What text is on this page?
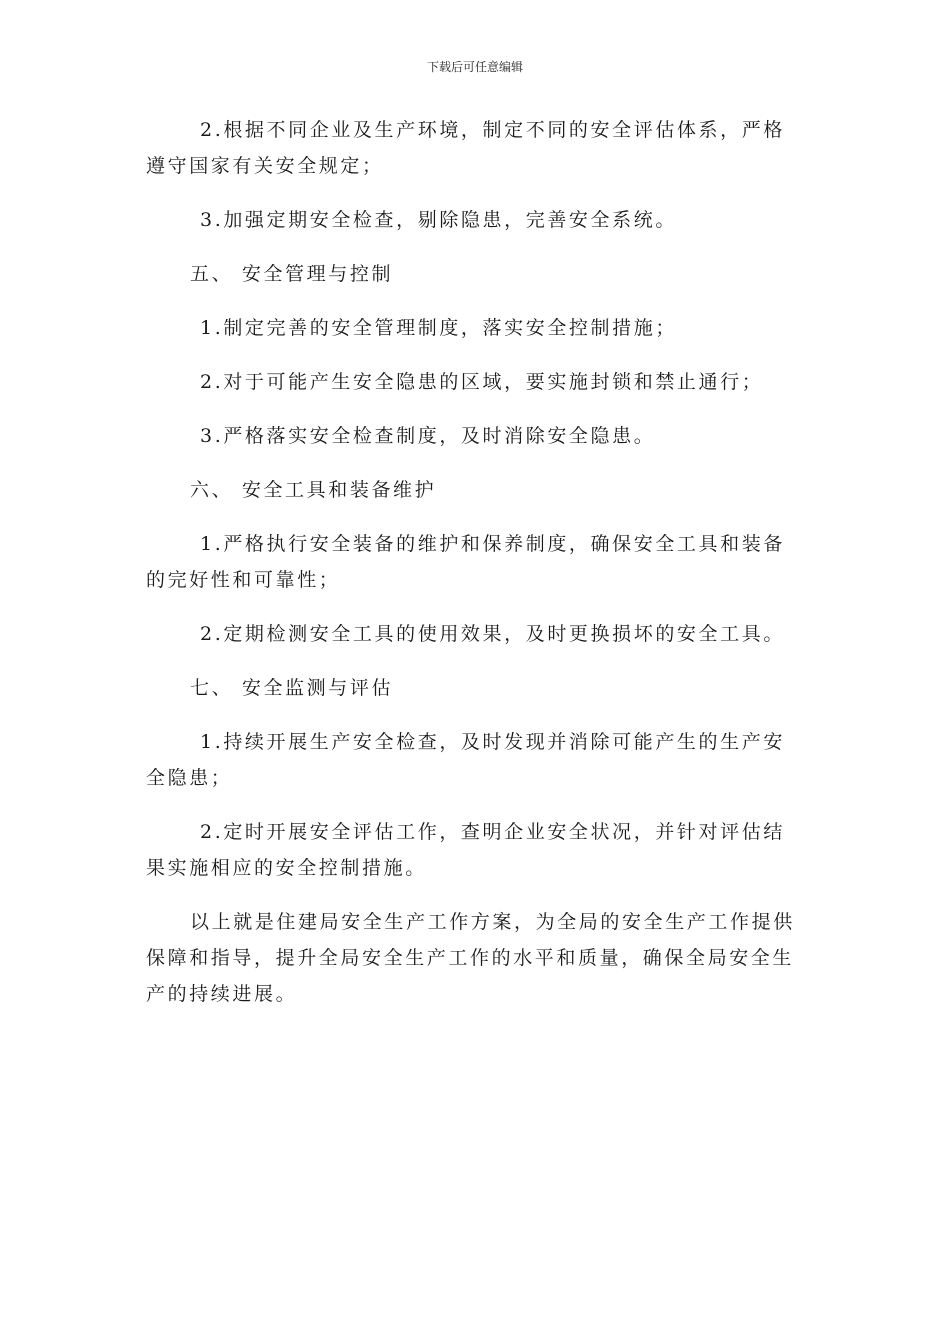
下载后可任意编辑

2.根据不同企业及生产环境，制定不同的安全评估体系，严格遵守国家有关安全规定；

3.加强定期安全检查，剔除隐患，完善安全系统。

五、 安全管理与控制

1.制定完善的安全管理制度，落实安全控制措施；

2.对于可能产生安全隐患的区域，要实施封锁和禁止通行；

3.严格落实安全检查制度，及时消除安全隐患。

六、 安全工具和装备维护

1.严格执行安全装备的维护和保养制度，确保安全工具和装备的完好性和可靠性；

2.定期检测安全工具的使用效果，及时更换损坏的安全工具。

七、 安全监测与评估

1.持续开展生产安全检查，及时发现并消除可能产生的生产安全隐患；

2.定时开展安全评估工作，查明企业安全状况，并针对评估结果实施相应的安全控制措施。

以上就是住建局安全生产工作方案，为全局的安全生产工作提供保障和指导，提升全局安全生产工作的水平和质量，确保全局安全生产的持续进展。
